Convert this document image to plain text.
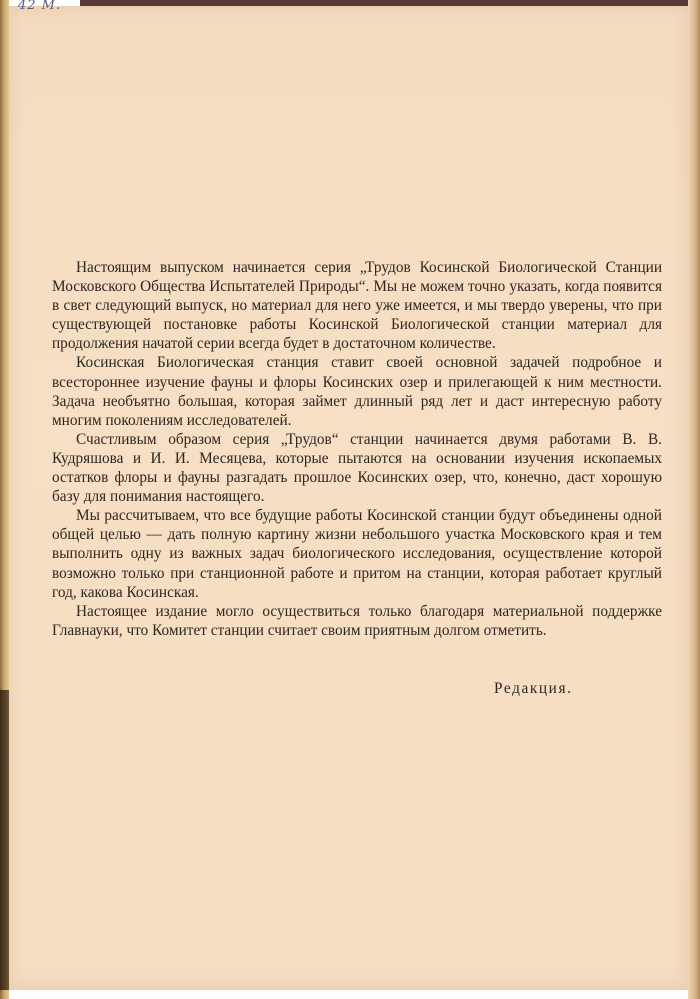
42 М.

Настоящим выпуском начинается серия „Трудов Косинской Биологической Станции Московского Общества Испытателей Природы“. Мы не можем точно указать, когда появится в свет следующий выпуск, но материал для него уже имеется, и мы твердо уверены, что при существующей постановке работы Косинской Биологической станции материал для продолжения начатой серии всегда будет в достаточном количестве.

Косинская Биологическая станция ставит своей основной задачей подробное и всестороннее изучение фауны и флоры Косинских озер и прилегающей к ним местности. Задача необъятно большая, которая займет длинный ряд лет и даст интересную работу многим поколениям исследователей.

Счастливым образом серия „Трудов“ станции начинается двумя работами В. В. Кудряшова и И. И. Месяцева, которые пытаются на основании изучения ископаемых остатков флоры и фауны разгадать прошлое Косинских озер, что, конечно, даст хорошую базу для понимания настоящего.

Мы рассчитываем, что все будущие работы Косинской станции будут объединены одной общей целью — дать полную картину жизни небольшого участка Московского края и тем выполнить одну из важных задач биологического исследования, осуществление которой возможно только при станционной работе и притом на станции, которая работает круглый год, какова Косинская.

Настоящее издание могло осуществиться только благодаря материальной поддержке Главнауки, что Комитет станции считает своим приятным долгом отметить.

Редакция.
